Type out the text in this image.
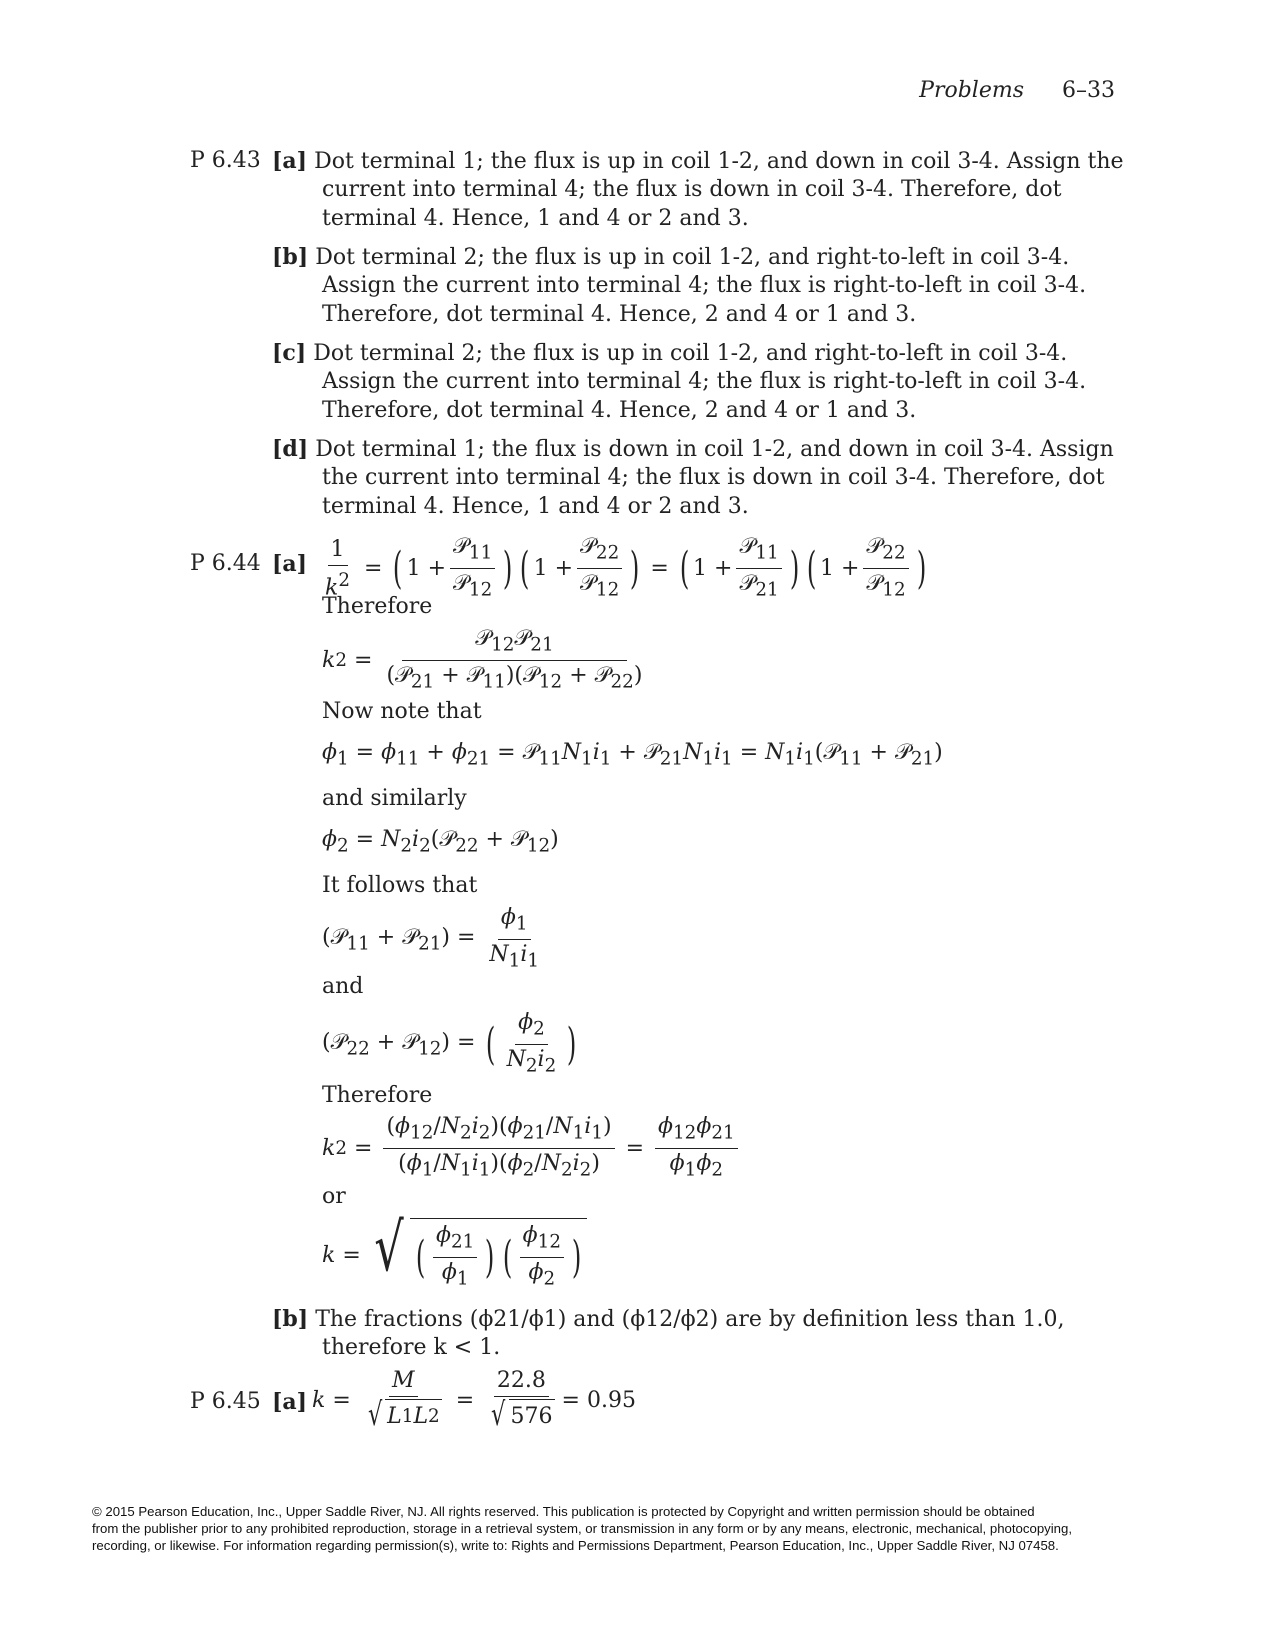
Problems 6–33
P 6.43 [a] Dot terminal 1; the flux is up in coil 1-2, and down in coil 3-4. Assign the
current into terminal 4; the flux is down in coil 3-4. Therefore, dot
terminal 4. Hence, 1 and 4 or 2 and 3.
[b] Dot terminal 2; the flux is up in coil 1-2, and right-to-left in coil 3-4.
Assign the current into terminal 4; the flux is right-to-left in coil 3-4.
Therefore, dot terminal 4. Hence, 2 and 4 or 1 and 3.
[c] Dot terminal 2; the flux is up in coil 1-2, and right-to-left in coil 3-4.
Assign the current into terminal 4; the flux is right-to-left in coil 3-4.
Therefore, dot terminal 4. Hence, 2 and 4 or 1 and 3.
[d] Dot terminal 1; the flux is down in coil 1-2, and down in coil 3-4. Assign
the current into terminal 4; the flux is down in coil 3-4. Therefore, dot
terminal 4. Hence, 1 and 4 or 2 and 3.
P 6.44 $[a] \frac{1}{k^2}$ = ( $1 + \frac{𝒫_{11}}{𝒫_{12}}$ ) ( $1 + \frac{𝒫_{22}}{𝒫_{12}}$ ) = ( $1 + \frac{𝒫_{11}}{𝒫_{21}}$ ) ( $1 + \frac{𝒫_{22}}{𝒫_{12}}$ )
Therefore
k $2 = \frac{𝒫_{12}𝒫_{21}}{(𝒫_{21} + 𝒫_{11})(𝒫_{12} + 𝒫_{22})}$
Now note that
$\phi_1 = \phi_{11} + \phi_{21}$ = $𝒫_{11}N_1i_1$ + $𝒫_{21}N_1i_1$ = $N_1i_1(𝒫_{11}$ + 𝒫$_{21}$)
and similarly
$\phi_2$ = $N_2i_2(𝒫_{22}$ + 𝒫$_{12}$)
It follows that
(𝒫$_{11}$ + 𝒫$_{21}$) = $\frac{\phi_1}{N_1i_1}$
and
(𝒫$_{22}$ + 𝒫$_{12}$) = ( $\frac{\phi_2}{N_2i_2}$ )
Therefore
k $2 = \frac{(\phi_{12}/N_2i_2)(\phi_{21}/N_1i_1)}{(\phi_1/N_1i_1)(\phi_2/N_2i_2)} = \frac{\phi_{12}\phi_{21}}{\phi_1\phi_2}$
or
k = √ ( $\frac{\phi_{21}}{\phi_1}$ ) ( $\frac{\phi_{12}}{\phi_2}$ )
[b] The fractions (ϕ21/ϕ1) and (ϕ12/ϕ2) are by definition less than 1.0,
therefore k < 1.
P 6.45 [a] $k = \frac{M}{√ L 1 L 2} = \frac{22.8}{√ 576} = 0.95$
© 2015 Pearson Education, Inc., Upper Saddle River, NJ. All rights reserved. This publication is protected by Copyright and written permission should be obtained
from the publisher prior to any prohibited reproduction, storage in a retrieval system, or transmission in any form or by any means, electronic, mechanical, photocopying,
recording, or likewise. For information regarding permission(s), write to: Rights and Permissions Department, Pearson Education, Inc., Upper Saddle River, NJ 07458.
